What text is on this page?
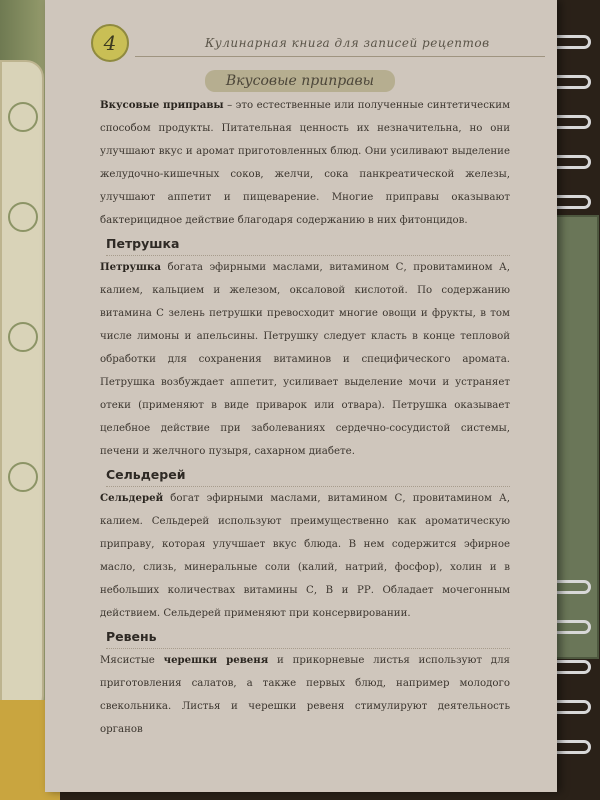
4	Кулинарная книга для записей рецептов
Вкусовые приправы

Вкусовые приправы – это естественные или полученные синтетическим способом продукты. Питательная ценность их незначительна, но они улучшают вкус и аромат приготовленных блюд. Они усиливают выделение желудочно-кишечных соков, желчи, сока панкреатической железы, улучшают аппетит и пищеварение. Многие приправы оказывают бактерицидное действие благодаря содержанию в них фитонцидов.

Петрушка

Петрушка богата эфирными маслами, витамином С, провитамином А, калием, кальцием и железом, оксаловой кислотой. По содержанию витамина С зелень петрушки превосходит многие овощи и фрукты, в том числе лимоны и апельсины. Петрушку следует класть в конце тепловой обработки для сохранения витаминов и специфического аромата. Петрушка возбуждает аппетит, усиливает выделение мочи и устраняет отеки (применяют в виде приварок или отвара). Петрушка оказывает целебное действие при заболеваниях сердечно-сосудистой системы, печени и желчного пузыря, сахарном диабете.

Сельдерей

Сельдерей богат эфирными маслами, витамином С, провитамином А, калием. Сельдерей используют преимущественно как ароматическую приправу, которая улучшает вкус блюда. В нем содержится эфирное масло, слизь, минеральные соли (калий, натрий, фосфор), холин и в небольших количествах витамины С, В и РР. Обладает мочегонным действием. Сельдерей применяют при консервировании.

Ревень

Мясистые черешки ревеня и прикорневые листья используют для приготовления салатов, а также первых блюд, например молодого свекольника. Листья и черешки ревеня стимулируют деятельность органов
